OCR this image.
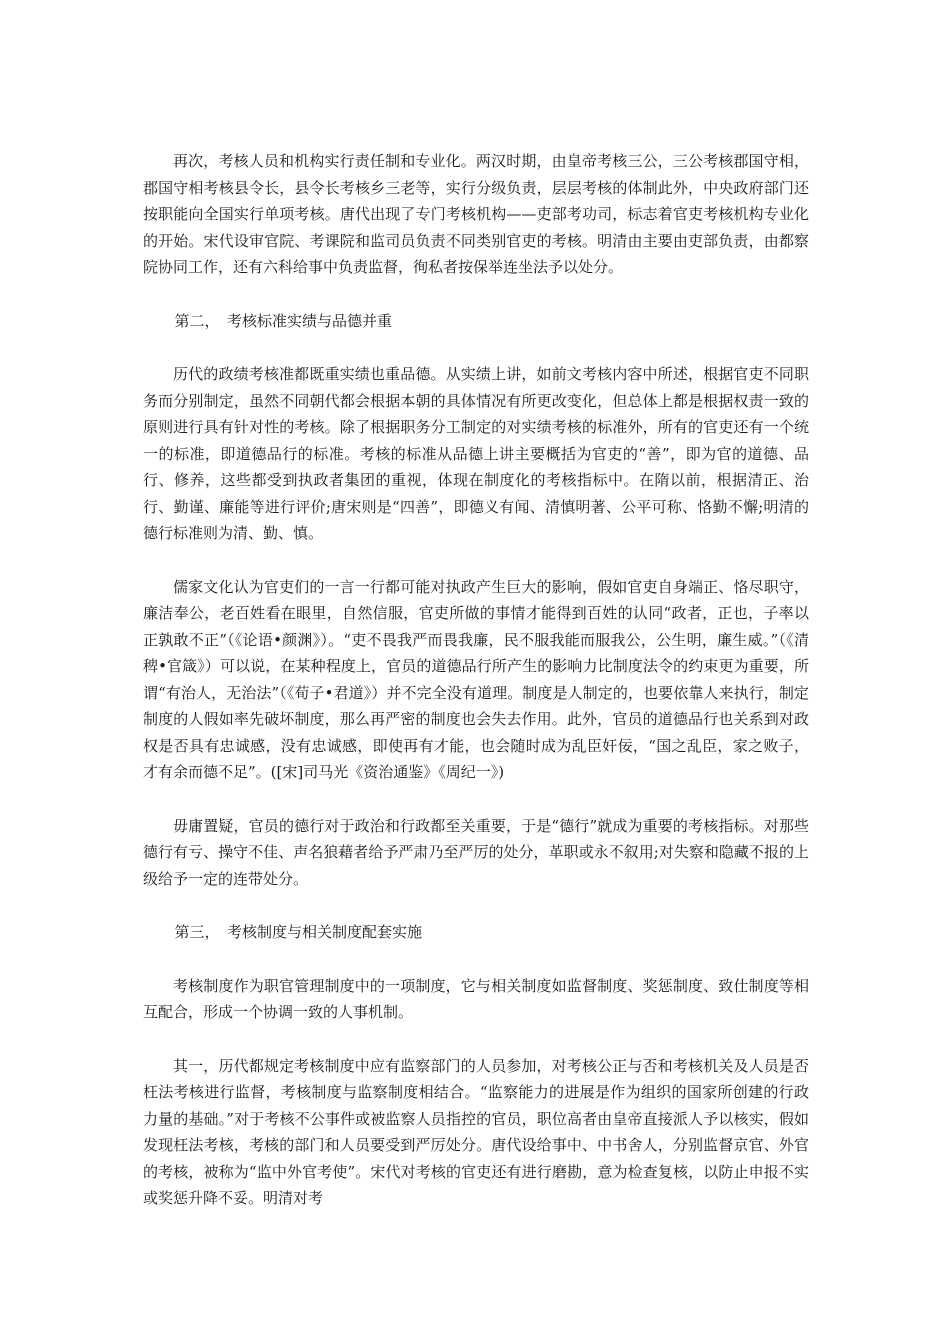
再次，考核人员和机构实行责任制和专业化。两汉时期，由皇帝考核三公，三公考核郡国守相，郡国守相考核县令长，县令长考核乡三老等，实行分级负责，层层考核的体制此外，中央政府部门还按职能向全国实行单项考核。唐代出现了专门考核机构——吏部考功司，标志着官吏考核机构专业化的开始。宋代设审官院、考课院和监司员负责不同类别官吏的考核。明清由主要由吏部负责，由都察院协同工作，还有六科给事中负责监督，徇私者按保举连坐法予以处分。

第二，　考核标准实绩与品德并重

历代的政绩考核准都既重实绩也重品德。从实绩上讲，如前文考核内容中所述，根据官吏不同职务而分别制定，虽然不同朝代都会根据本朝的具体情况有所更改变化，但总体上都是根据权责一致的原则进行具有针对性的考核。除了根据职务分工制定的对实绩考核的标准外，所有的官吏还有一个统一的标准，即道德品行的标准。考核的标准从品德上讲主要概括为官吏的“善”，即为官的道德、品行、修养，这些都受到执政者集团的重视，体现在制度化的考核指标中。在隋以前，根据清正、治行、勤谨、廉能等进行评价;唐宋则是“四善”，即德义有闻、清慎明著、公平可称、恪勤不懈;明清的德行标准则为清、勤、慎。

儒家文化认为官吏们的一言一行都可能对执政产生巨大的影响，假如官吏自身端正、恪尽职守，廉洁奉公，老百姓看在眼里，自然信服，官吏所做的事情才能得到百姓的认同“政者，正也，子率以正孰敢不正”（《论语•颜渊》）。“吏不畏我严而畏我廉，民不服我能而服我公，公生明，廉生威。”（《清稗•官箴》）可以说，在某种程度上，官员的道德品行所产生的影响力比制度法令的约束更为重要，所谓“有治人，无治法”（《荀子•君道》）并不完全没有道理。制度是人制定的，也要依靠人来执行，制定制度的人假如率先破坏制度，那么再严密的制度也会失去作用。此外，官员的道德品行也关系到对政权是否具有忠诚感，没有忠诚感，即使再有才能，也会随时成为乱臣奸佞，“国之乱臣，家之败子，才有余而德不足”。([宋]司马光《资治通鉴》《周纪一》)

毋庸置疑，官员的德行对于政治和行政都至关重要，于是“德行”就成为重要的考核指标。对那些德行有亏、操守不佳、声名狼藉者给予严肃乃至严厉的处分，革职或永不叙用;对失察和隐藏不报的上级给予一定的连带处分。

第三，　考核制度与相关制度配套实施

考核制度作为职官管理制度中的一项制度，它与相关制度如监督制度、奖惩制度、致仕制度等相互配合，形成一个协调一致的人事机制。

其一，历代都规定考核制度中应有监察部门的人员参加，对考核公正与否和考核机关及人员是否枉法考核进行监督，考核制度与监察制度相结合。“监察能力的进展是作为组织的国家所创建的行政力量的基础。”对于考核不公事件或被监察人员指控的官员，职位高者由皇帝直接派人予以核实，假如发现枉法考核，考核的部门和人员要受到严厉处分。唐代设给事中、中书舍人，分别监督京官、外官的考核，被称为“监中外官考使”。宋代对考核的官吏还有进行磨勘，意为检查复核，以防止申报不实或奖惩升降不妥。明清对考
